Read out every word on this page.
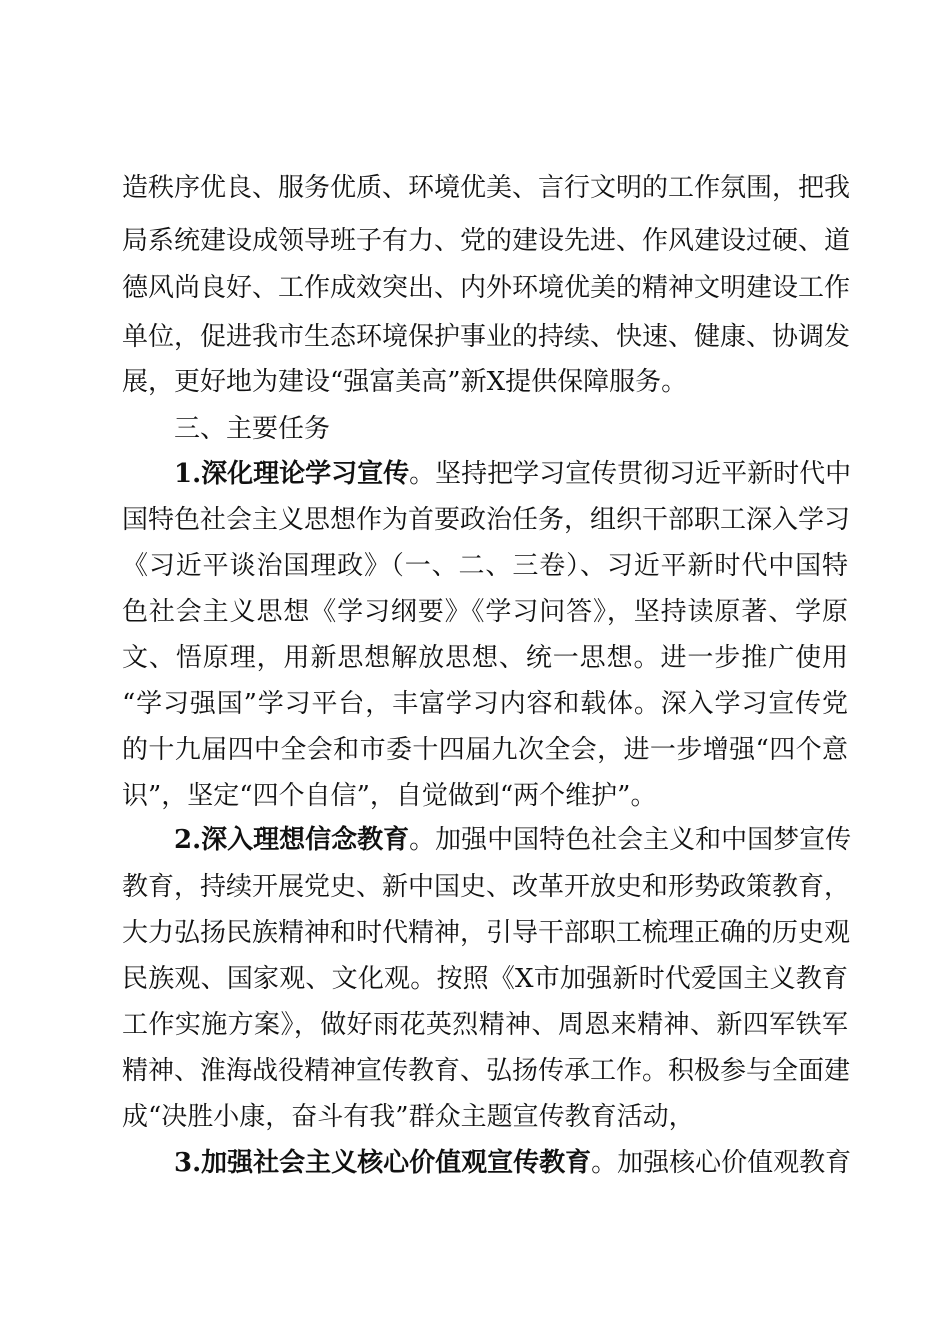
造秩序优良、服务优质、环境优美、言行文明的工作氛围，把我
局系统建设成领导班子有力、党的建设先进、作风建设过硬、道
德风尚良好、工作成效突出、内外环境优美的精神文明建设工作
单位，促进我市生态环境保护事业的持续、快速、健康、协调发
展，更好地为建设“强富美高”新X提供保障服务。
三、主要任务
1.深化理论学习宣传。坚持把学习宣传贯彻习近平新时代中
国特色社会主义思想作为首要政治任务，组织干部职工深入学习
《习近平谈治国理政》（一、二、三卷）、习近平新时代中国特
色社会主义思想《学习纲要》《学习问答》，坚持读原著、学原
文、悟原理，用新思想解放思想、统一思想。进一步推广使用
“学习强国”学习平台，丰富学习内容和载体。深入学习宣传党
的十九届四中全会和市委十四届九次全会，进一步增强“四个意
识”，坚定“四个自信”，自觉做到“两个维护”。
2.深入理想信念教育。加强中国特色社会主义和中国梦宣传
教育，持续开展党史、新中国史、改革开放史和形势政策教育，
大力弘扬民族精神和时代精神，引导干部职工梳理正确的历史观
民族观、国家观、文化观。按照《X市加强新时代爱国主义教育
工作实施方案》，做好雨花英烈精神、周恩来精神、新四军铁军
精神、淮海战役精神宣传教育、弘扬传承工作。积极参与全面建
成“决胜小康，奋斗有我”群众主题宣传教育活动，
3.加强社会主义核心价值观宣传教育。加强核心价值观教育
